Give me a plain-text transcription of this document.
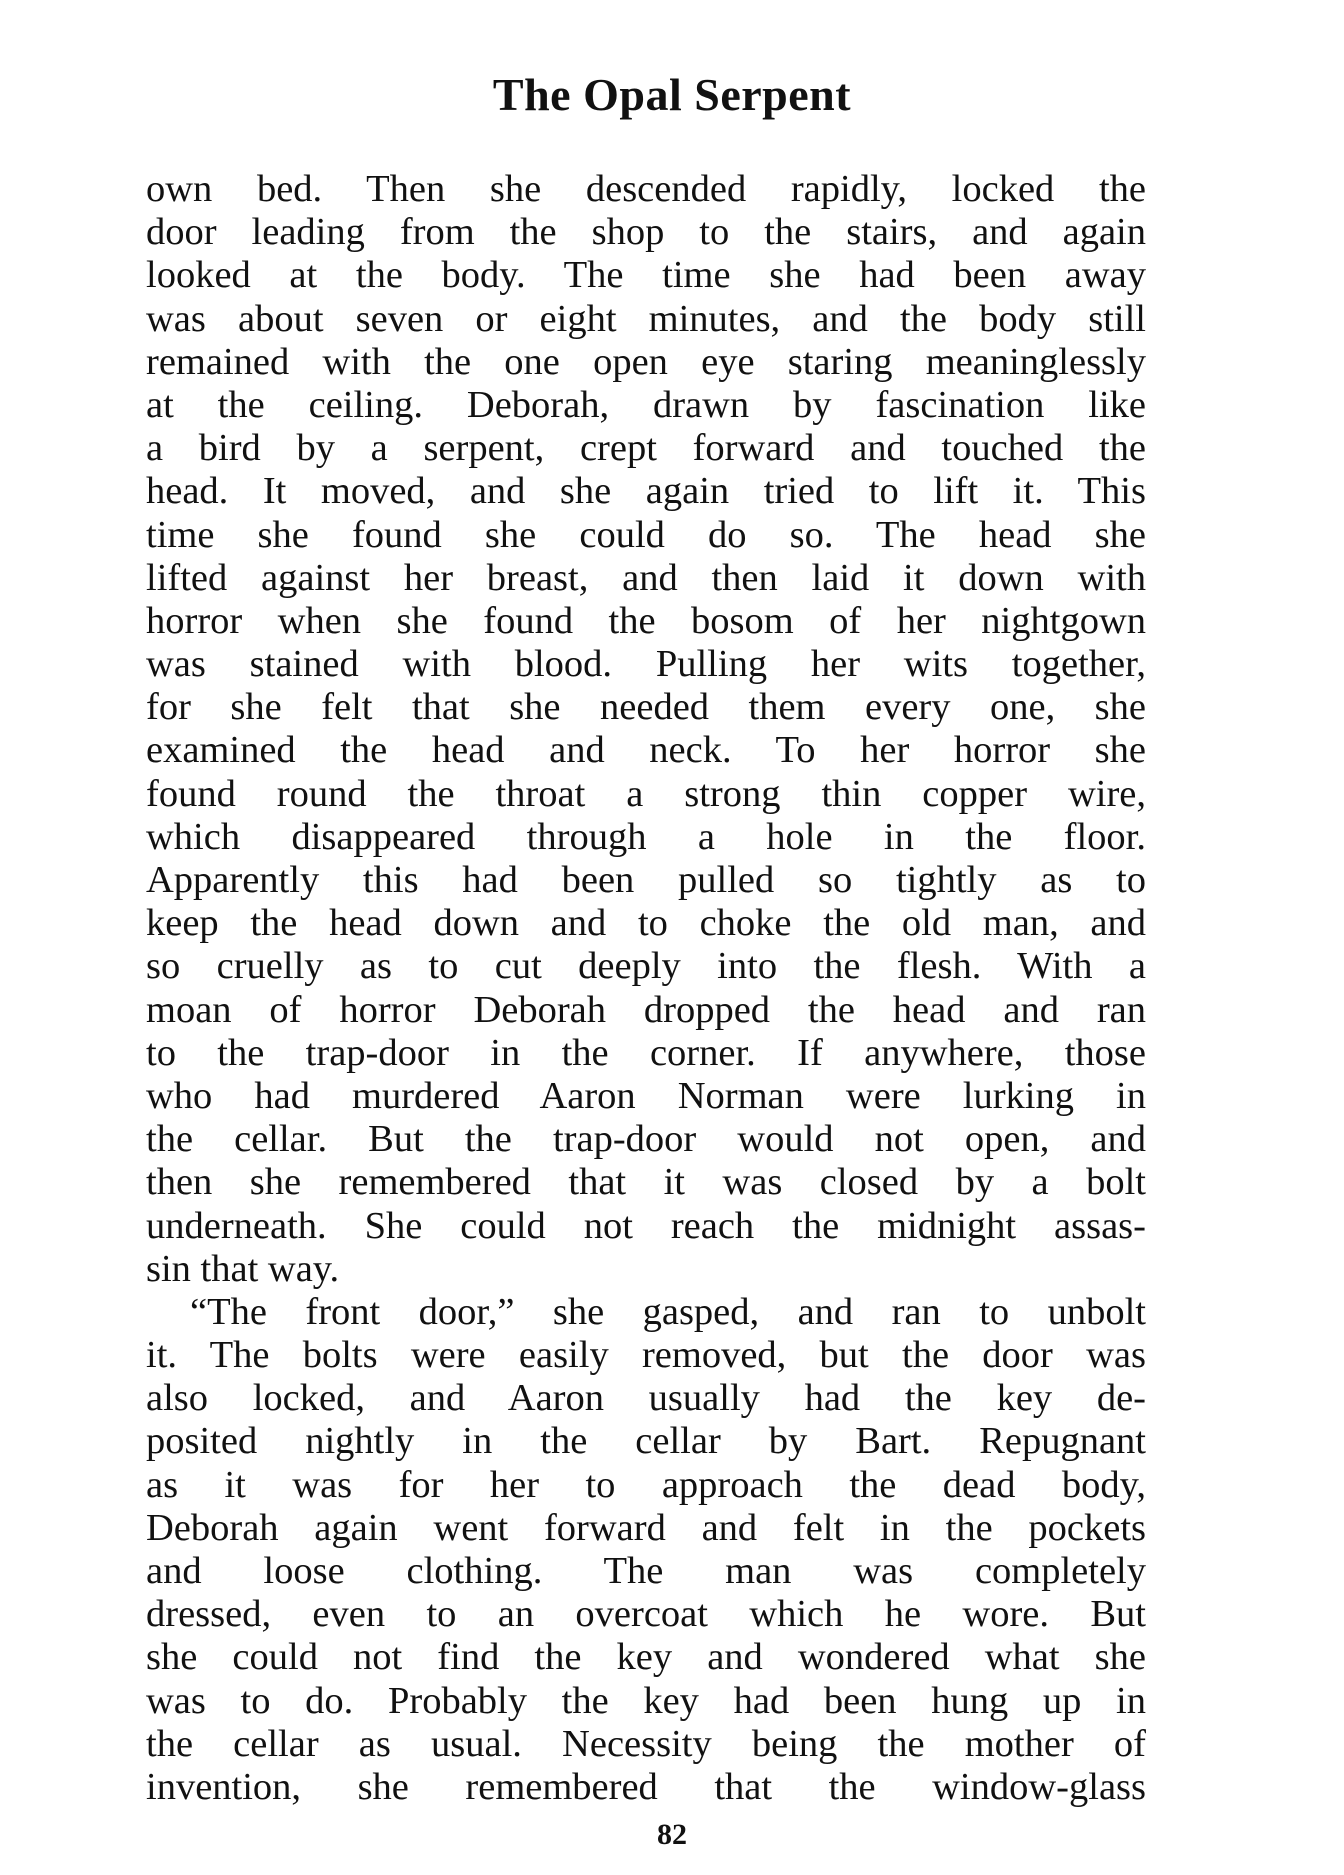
The Opal Serpent
own bed. Then she descended rapidly, locked the
door leading from the shop to the stairs, and again
looked at the body. The time she had been away
was about seven or eight minutes, and the body still
remained with the one open eye staring meaninglessly
at the ceiling. Deborah, drawn by fascination like
a bird by a serpent, crept forward and touched the
head. It moved, and she again tried to lift it. This
time she found she could do so. The head she
lifted against her breast, and then laid it down with
horror when she found the bosom of her nightgown
was stained with blood. Pulling her wits together,
for she felt that she needed them every one, she
examined the head and neck. To her horror she
found round the throat a strong thin copper wire,
which disappeared through a hole in the floor.
Apparently this had been pulled so tightly as to
keep the head down and to choke the old man, and
so cruelly as to cut deeply into the flesh. With a
moan of horror Deborah dropped the head and ran
to the trap-door in the corner. If anywhere, those
who had murdered Aaron Norman were lurking in
the cellar. But the trap-door would not open, and
then she remembered that it was closed by a bolt
underneath. She could not reach the midnight assas-
sin that way.
“The front door,” she gasped, and ran to unbolt
it. The bolts were easily removed, but the door was
also locked, and Aaron usually had the key de-
posited nightly in the cellar by Bart. Repugnant
as it was for her to approach the dead body,
Deborah again went forward and felt in the pockets
and loose clothing. The man was completely
dressed, even to an overcoat which he wore. But
she could not find the key and wondered what she
was to do. Probably the key had been hung up in
the cellar as usual. Necessity being the mother of
invention, she remembered that the window-glass
82
